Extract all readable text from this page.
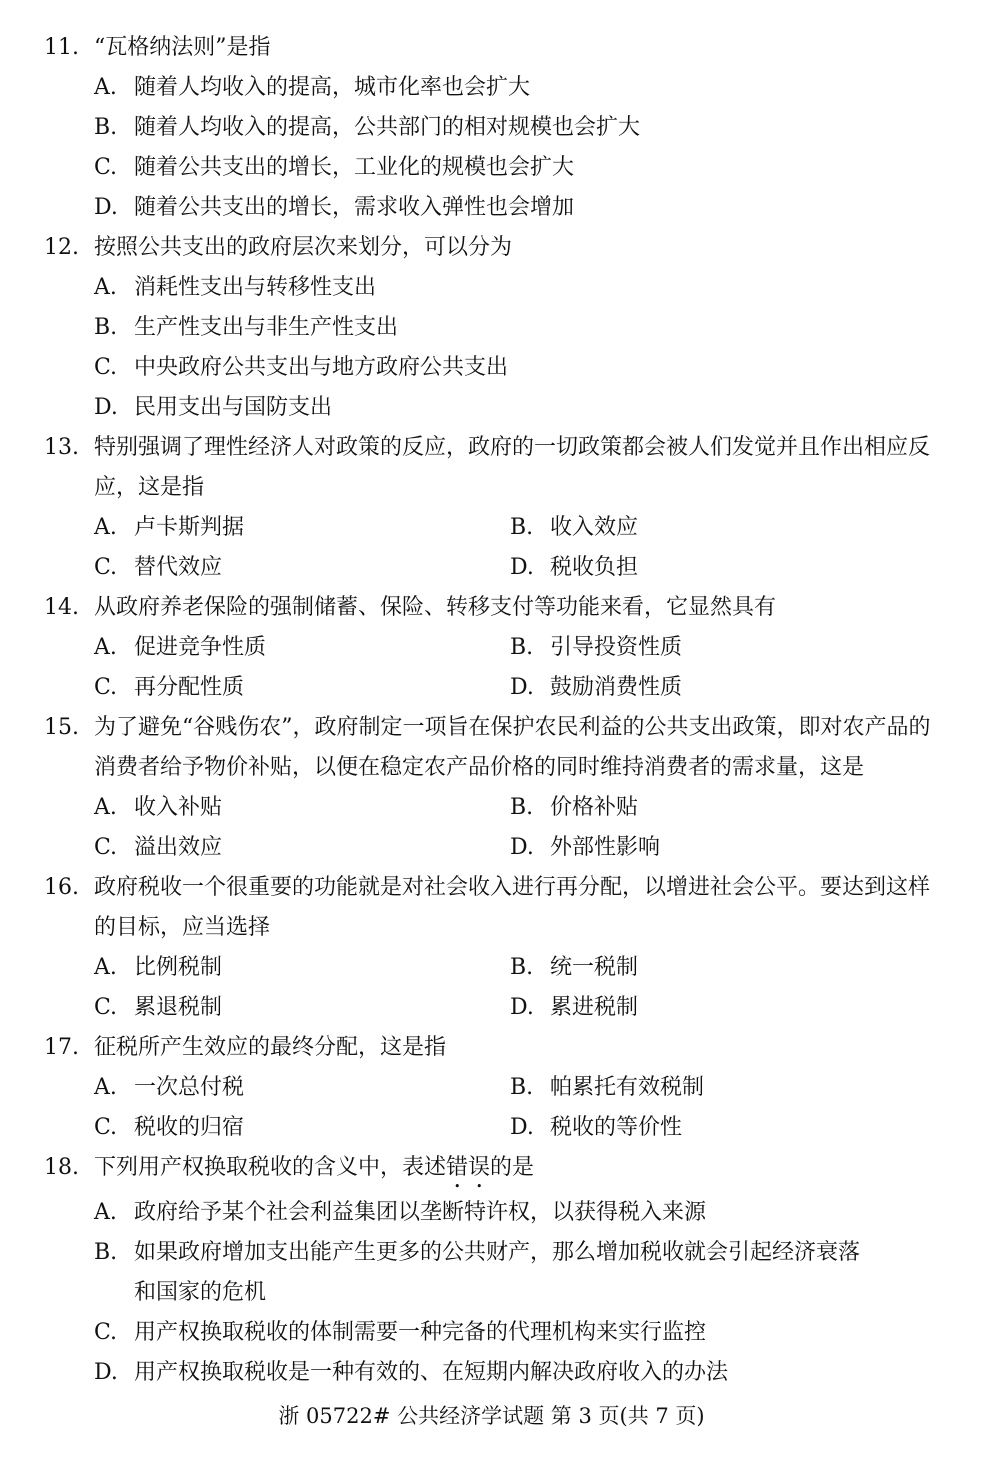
11. “瓦格纳法则”是指
A. 随着人均收入的提高，城市化率也会扩大
B. 随着人均收入的提高，公共部门的相对规模也会扩大
C. 随着公共支出的增长，工业化的规模也会扩大
D. 随着公共支出的增长，需求收入弹性也会增加
12. 按照公共支出的政府层次来划分，可以分为
A. 消耗性支出与转移性支出
B. 生产性支出与非生产性支出
C. 中央政府公共支出与地方政府公共支出
D. 民用支出与国防支出
13. 特别强调了理性经济人对政策的反应，政府的一切政策都会被人们发觉并且作出相应反应，这是指
A. 卢卡斯判据	B. 收入效应
C. 替代效应	D. 税收负担
14. 从政府养老保险的强制储蓄、保险、转移支付等功能来看，它显然具有
A. 促进竞争性质	B. 引导投资性质
C. 再分配性质	D. 鼓励消费性质
15. 为了避免“谷贱伤农”，政府制定一项旨在保护农民利益的公共支出政策，即对农产品的消费者给予物价补贴，以便在稳定农产品价格的同时维持消费者的需求量，这是
A. 收入补贴	B. 价格补贴
C. 溢出效应	D. 外部性影响
16. 政府税收一个很重要的功能就是对社会收入进行再分配，以增进社会公平。要达到这样的目标，应当选择
A. 比例税制	B. 统一税制
C. 累退税制	D. 累进税制
17. 征税所产生效应的最终分配，这是指
A. 一次总付税	B. 帕累托有效税制
C. 税收的归宿	D. 税收的等价性
18. 下列用产权换取税收的含义中，表述错误的是
A. 政府给予某个社会利益集团以垄断特许权，以获得税入来源
B. 如果政府增加支出能产生更多的公共财产，那么增加税收就会引起经济衰落和国家的危机
C. 用产权换取税收的体制需要一种完备的代理机构来实行监控
D. 用产权换取税收是一种有效的、在短期内解决政府收入的办法
浙 05722# 公共经济学试题 第 3 页(共 7 页)
